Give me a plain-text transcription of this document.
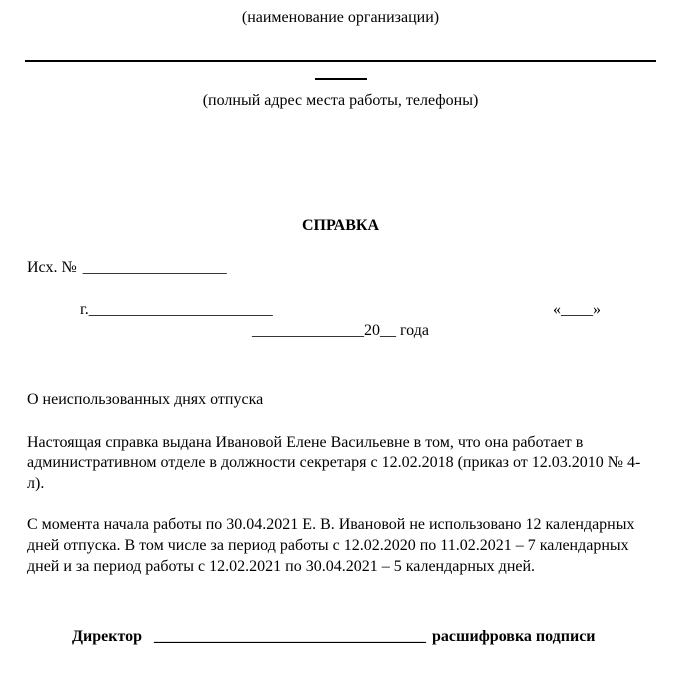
(наименование организации)
(полный адрес места работы, телефоны)
СПРАВКА
Исх. № __________________
г._______________________	«____»
______________20__ года
О неиспользованных днях отпуска

Настоящая справка выдана Ивановой Елене Васильевне в том, что она работает в административном отделе в должности секретаря с 12.02.2018 (приказ от 12.03.2010 № 4-л).

С момента начала работы по 30.04.2021 Е. В. Ивановой не использовано 12 календарных дней отпуска. В том числе за период работы с 12.02.2020 по 11.02.2021 – 7 календарных дней и за период работы с 12.02.2021 по 30.04.2021 – 5 календарных дней.

Директор __________________________________ расшифровка подписи
